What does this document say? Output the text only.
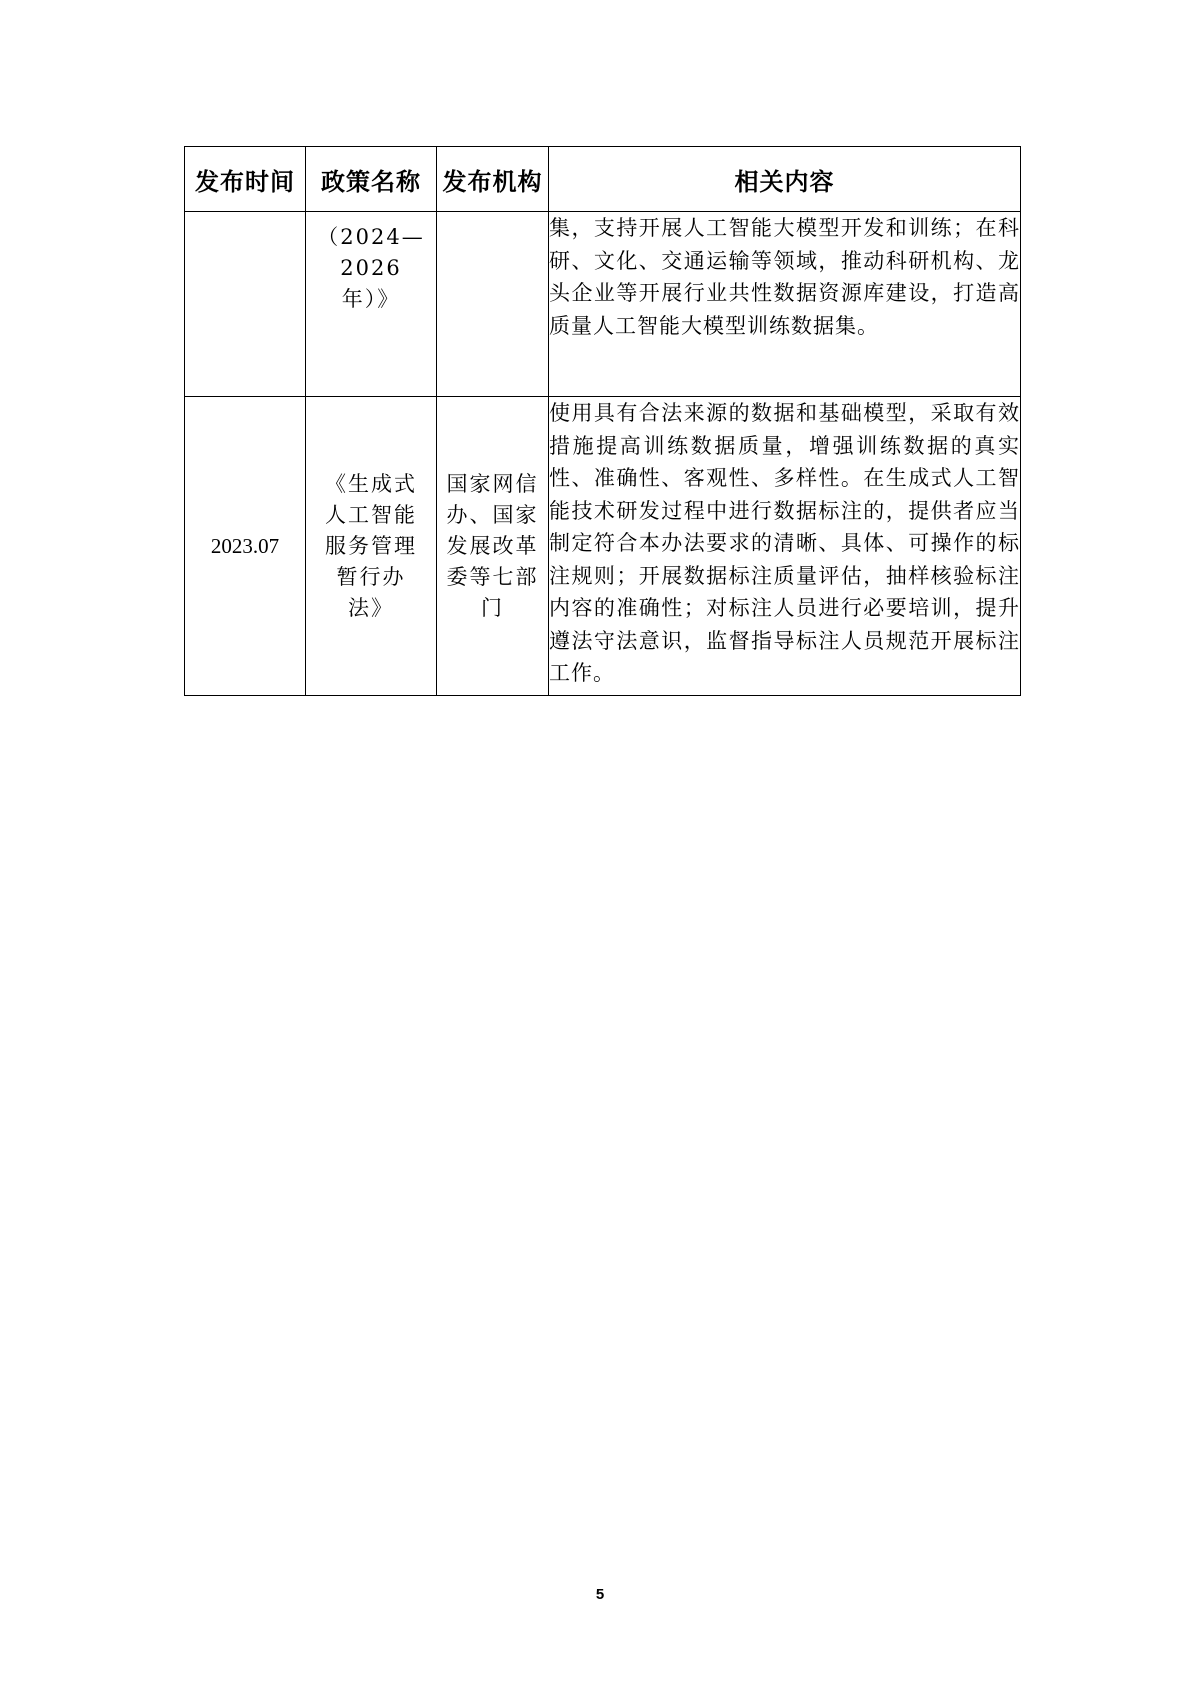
发布时间	政策名称	发布机构	相关内容

	（2024—
2026
年）》		集，支持开展人工智能大模型开发和训练；在科研、文化、交通运输等领域，推动科研机构、龙头企业等开展行业共性数据资源库建设，打造高质量人工智能大模型训练数据集。
2023.07	《生成式
人工智能
服务管理
暂行办
法》	国家网信
办、国家
发展改革
委等七部
门	使用具有合法来源的数据和基础模型，采取有效措施提高训练数据质量，增强训练数据的真实性、准确性、客观性、多样性。在生成式人工智能技术研发过程中进行数据标注的，提供者应当制定符合本办法要求的清晰、具体、可操作的标注规则；开展数据标注质量评估，抽样核验标注内容的准确性；对标注人员进行必要培训，提升遵法守法意识，监督指导标注人员规范开展标注工作。
5
